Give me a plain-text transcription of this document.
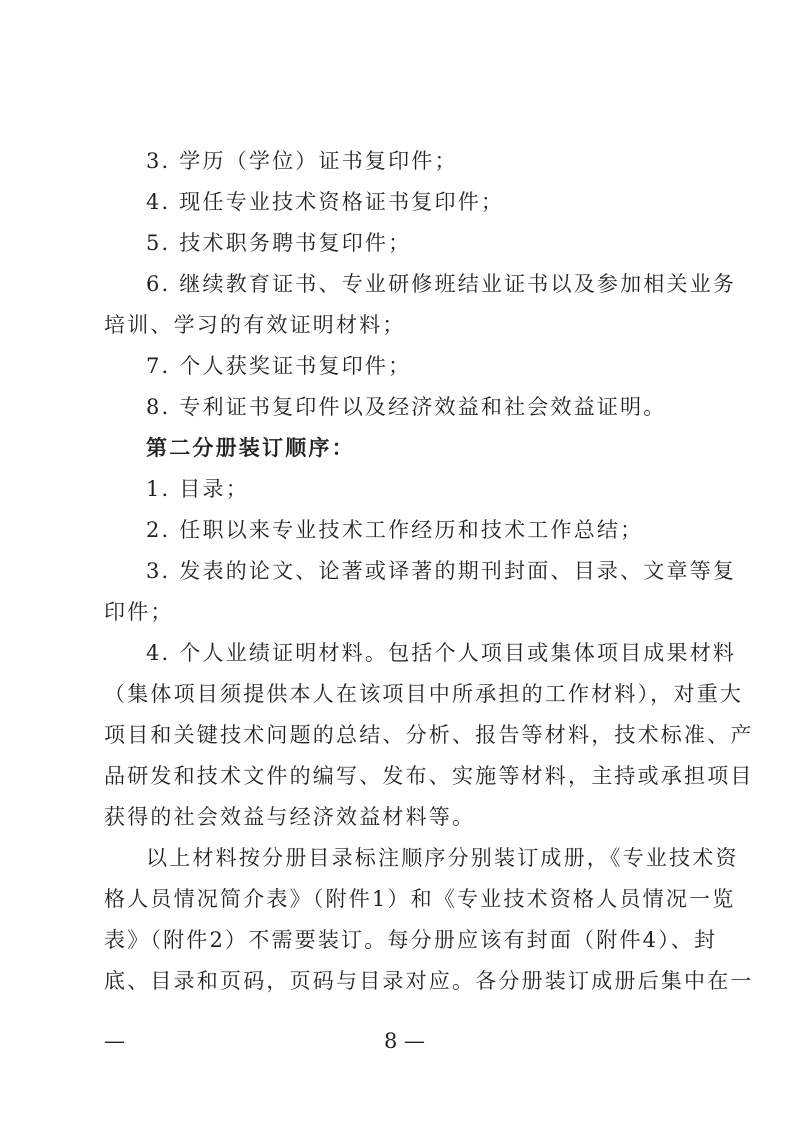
3. 学历（学位）证书复印件；
4. 现任专业技术资格证书复印件；
5. 技术职务聘书复印件；
6. 继续教育证书、专业研修班结业证书以及参加相关业务
培训、学习的有效证明材料；
7. 个人获奖证书复印件；
8. 专利证书复印件以及经济效益和社会效益证明。
第二分册装订顺序：
1. 目录；
2. 任职以来专业技术工作经历和技术工作总结；
3. 发表的论文、论著或译著的期刊封面、目录、文章等复
印件；
4. 个人业绩证明材料。包括个人项目或集体项目成果材料
（集体项目须提供本人在该项目中所承担的工作材料），对重大
项目和关键技术问题的总结、分析、报告等材料，技术标准、产
品研发和技术文件的编写、发布、实施等材料，主持或承担项目
获得的社会效益与经济效益材料等。
以上材料按分册目录标注顺序分别装订成册，《专业技术资
格人员情况简介表》（附件1）和《专业技术资格人员情况一览
表》（附件2）不需要装订。每分册应该有封面（附件4）、封
底、目录和页码，页码与目录对应。各分册装订成册后集中在一
—	8 —
